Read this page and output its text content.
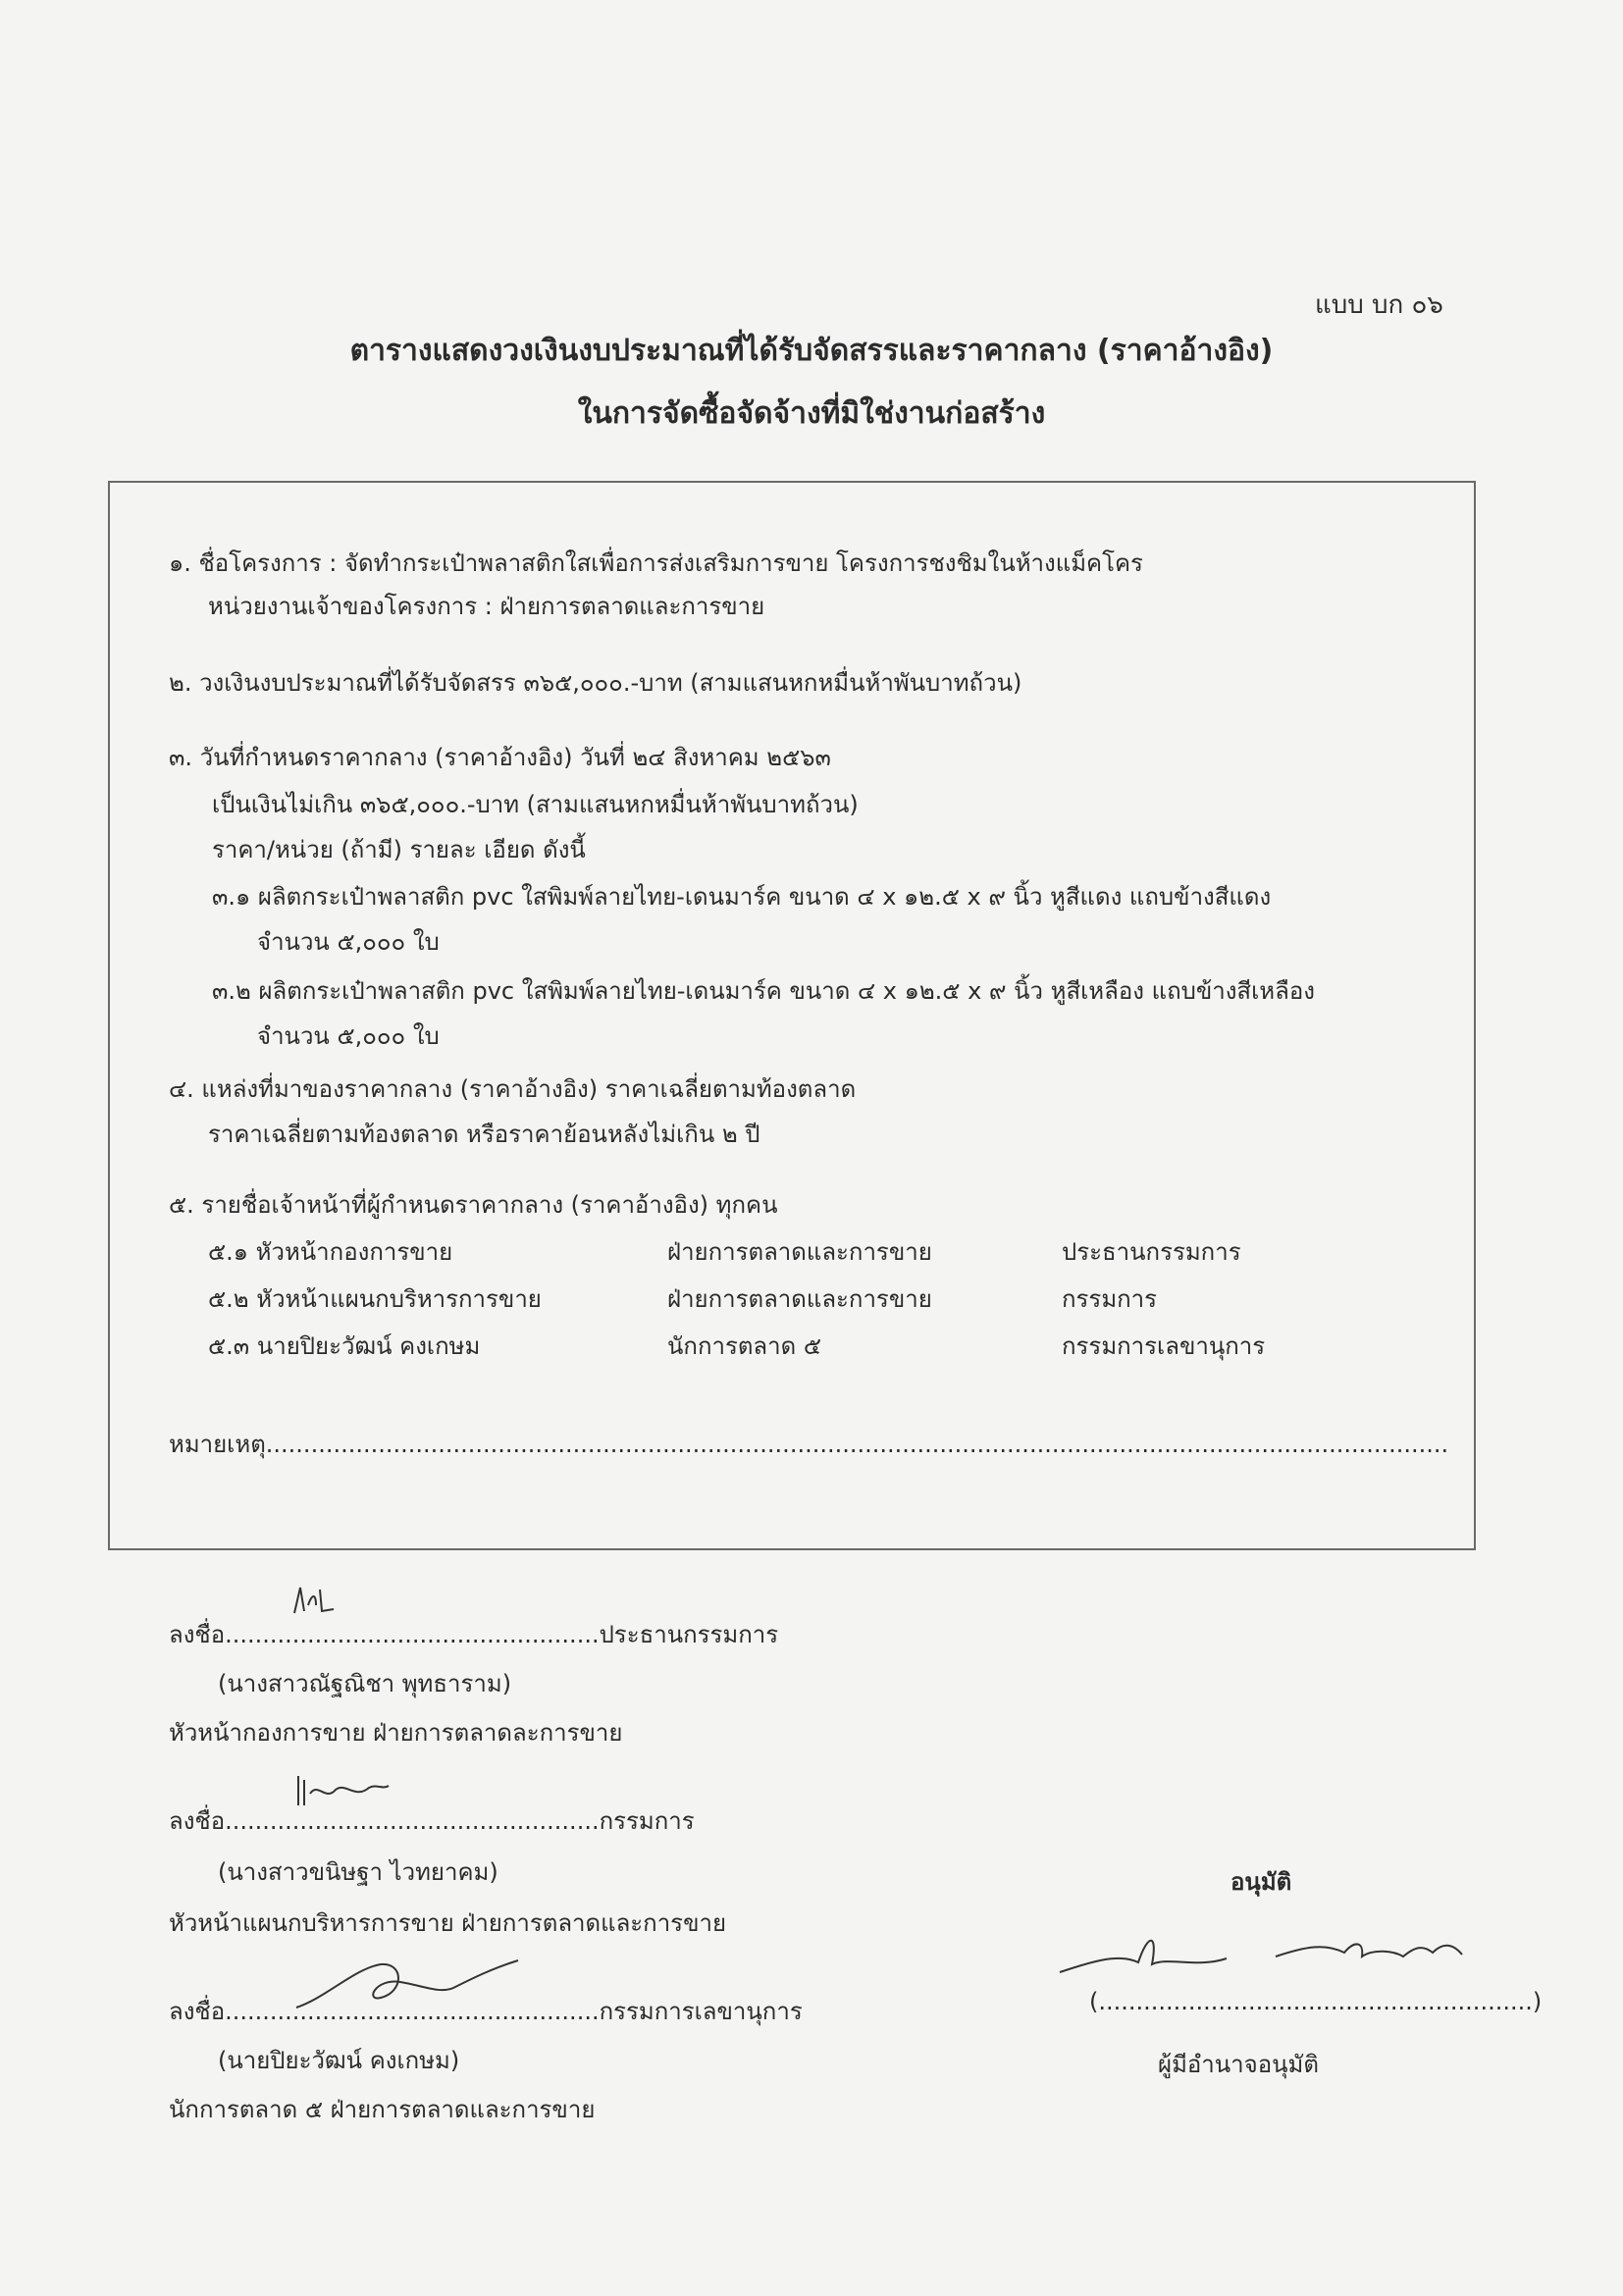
แบบ บก ๐๖
ตารางแสดงวงเงินงบประมาณที่ได้รับจัดสรรและราคากลาง (ราคาอ้างอิง)
ในการจัดซื้อจัดจ้างที่มิใช่งานก่อสร้าง
๑. ชื่อโครงการ : จัดทำกระเป๋าพลาสติกใสเพื่อการส่งเสริมการขาย โครงการชงชิมในห้างแม็คโคร
หน่วยงานเจ้าของโครงการ : ฝ่ายการตลาดและการขาย
๒. วงเงินงบประมาณที่ได้รับจัดสรร ๓๖๕,๐๐๐.-บาท (สามแสนหกหมื่นห้าพันบาทถ้วน)
๓. วันที่กำหนดราคากลาง (ราคาอ้างอิง) วันที่ ๒๔ สิงหาคม ๒๕๖๓
เป็นเงินไม่เกิน ๓๖๕,๐๐๐.-บาท (สามแสนหกหมื่นห้าพันบาทถ้วน)
ราคา/หน่วย (ถ้ามี) รายละ เอียด ดังนี้
๓.๑ ผลิตกระเป๋าพลาสติก pvc ใสพิมพ์ลายไทย-เดนมาร์ค ขนาด ๔ x ๑๒.๕ x ๙ นิ้ว หูสีแดง แถบข้างสีแดง
จำนวน ๕,๐๐๐ ใบ
๓.๒ ผลิตกระเป๋าพลาสติก pvc ใสพิมพ์ลายไทย-เดนมาร์ค ขนาด ๔ x ๑๒.๕ x ๙ นิ้ว หูสีเหลือง แถบข้างสีเหลือง
จำนวน ๕,๐๐๐ ใบ
๔. แหล่งที่มาของราคากลาง (ราคาอ้างอิง) ราคาเฉลี่ยตามท้องตลาด
ราคาเฉลี่ยตามท้องตลาด หรือราคาย้อนหลังไม่เกิน ๒ ปี
๕. รายชื่อเจ้าหน้าที่ผู้กำหนดราคากลาง (ราคาอ้างอิง) ทุกคน
๕.๑ หัวหน้ากองการขาย	ฝ่ายการตลาดและการขาย	ประธานกรรมการ
๕.๒ หัวหน้าแผนกบริหารการขาย	ฝ่ายการตลาดและการขาย	กรรมการ
๕.๓ นายปิยะวัฒน์ คงเกษม	นักการตลาด ๕	กรรมการเลขานุการ
หมายเหตุ..............................................................................................................................................................
ลงชื่อ..................................................ประธานกรรมการ
(นางสาวณัฐณิชา พุทธาราม)
หัวหน้ากองการขาย ฝ่ายการตลาดละการขาย
ลงชื่อ..................................................กรรมการ
(นางสาวขนิษฐา ไวทยาคม)
หัวหน้าแผนกบริหารการขาย ฝ่ายการตลาดและการขาย
ลงชื่อ..................................................กรรมการเลขานุการ
(นายปิยะวัฒน์ คงเกษม)
นักการตลาด ๕ ฝ่ายการตลาดและการขาย
อนุมัติ
(..........................................................)
ผู้มีอำนาจอนุมัติ
